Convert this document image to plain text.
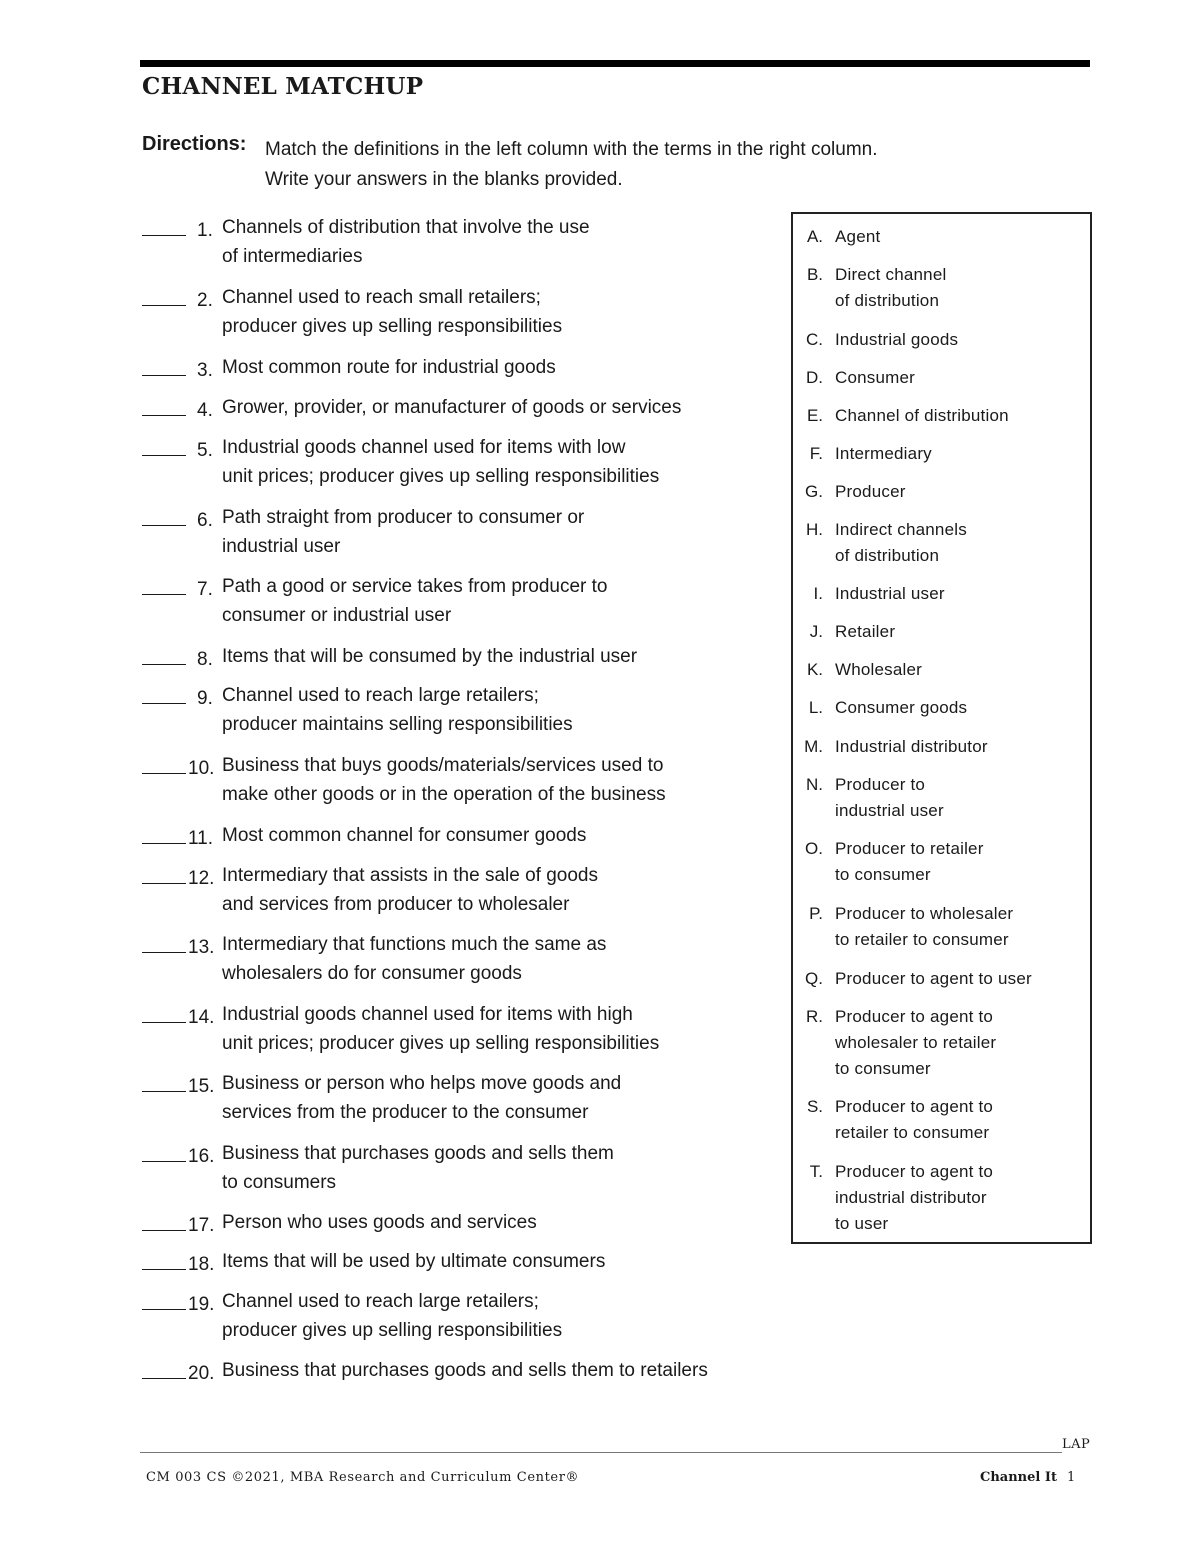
CHANNEL MATCHUP
Directions: Match the definitions in the left column with the terms in the right column.
Write your answers in the blanks provided.
1. Channels of distribution that involve the use
of intermediaries
2. Channel used to reach small retailers;
producer gives up selling responsibilities
3. Most common route for industrial goods
4. Grower, provider, or manufacturer of goods or services
5. Industrial goods channel used for items with low
unit prices; producer gives up selling responsibilities
6. Path straight from producer to consumer or
industrial user
7. Path a good or service takes from producer to
consumer or industrial user
8. Items that will be consumed by the industrial user
9. Channel used to reach large retailers;
producer maintains selling responsibilities
10. Business that buys goods/materials/services used to
make other goods or in the operation of the business
11. Most common channel for consumer goods
12. Intermediary that assists in the sale of goods
and services from producer to wholesaler
13. Intermediary that functions much the same as
wholesalers do for consumer goods
14. Industrial goods channel used for items with high
unit prices; producer gives up selling responsibilities
15. Business or person who helps move goods and
services from the producer to the consumer
16. Business that purchases goods and sells them
to consumers
17. Person who uses goods and services
18. Items that will be used by ultimate consumers
19. Channel used to reach large retailers;
producer gives up selling responsibilities
20. Business that purchases goods and sells them to retailers
A. Agent
B. Direct channel
of distribution
C. Industrial goods
D. Consumer
E. Channel of distribution
F. Intermediary
G. Producer
H. Indirect channels
of distribution
I. Industrial user
J. Retailer
K. Wholesaler
L. Consumer goods
M. Industrial distributor
N. Producer to
industrial user
O. Producer to retailer
to consumer
P. Producer to wholesaler
to retailer to consumer
Q. Producer to agent to user
R. Producer to agent to
wholesaler to retailer
to consumer
S. Producer to agent to
retailer to consumer
T. Producer to agent to
industrial distributor
to user
LAP
CM 003 CS ©2021, MBA Research and Curriculum Center®	Channel It 1
